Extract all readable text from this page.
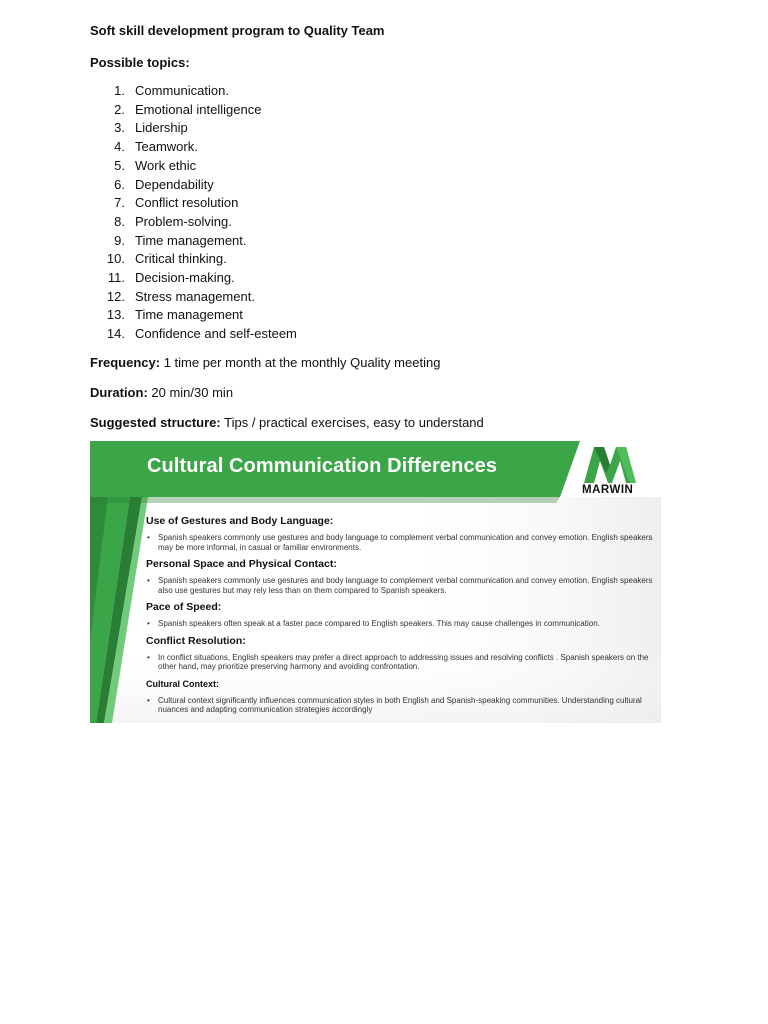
Soft skill development program to Quality Team
Possible topics:
Communication.
Emotional intelligence
Lidership
Teamwork.
Work ethic
Dependability
Conflict resolution
Problem-solving.
Time management.
Critical thinking.
Decision-making.
Stress management.
Time management
Confidence and self-esteem
Frequency: 1 time per month at the monthly Quality meeting
Duration: 20 min/30 min
Suggested structure: Tips / practical exercises, easy to understand
Cultural Communication Differences
MARWIN
Use of Gestures and Body Language:
• Spanish speakers commonly use gestures and body language to complement verbal communication and convey emotion. English speakers may be more informal, in casual or familiar environments.
Personal Space and Physical Contact:
• Spanish speakers commonly use gestures and body language to complement verbal communication and convey emotion. English speakers also use gestures but may rely less than on them compared to Spanish speakers.
Pace of Speed:
• Spanish speakers often speak at a faster pace compared to English speakers. This may cause challenges in communication.
Conflict Resolution:
• In conflict situations, English speakers may prefer a direct approach to addressing issues and resolving conflicts . Spanish speakers on the other hand, may prioritize preserving harmony and avoiding confrontation.
Cultural Context:
• Cultural context significantly influences communication styles in both English and Spanish-speaking communities. Understanding cultural nuances and adapting communication strategies accordingly
